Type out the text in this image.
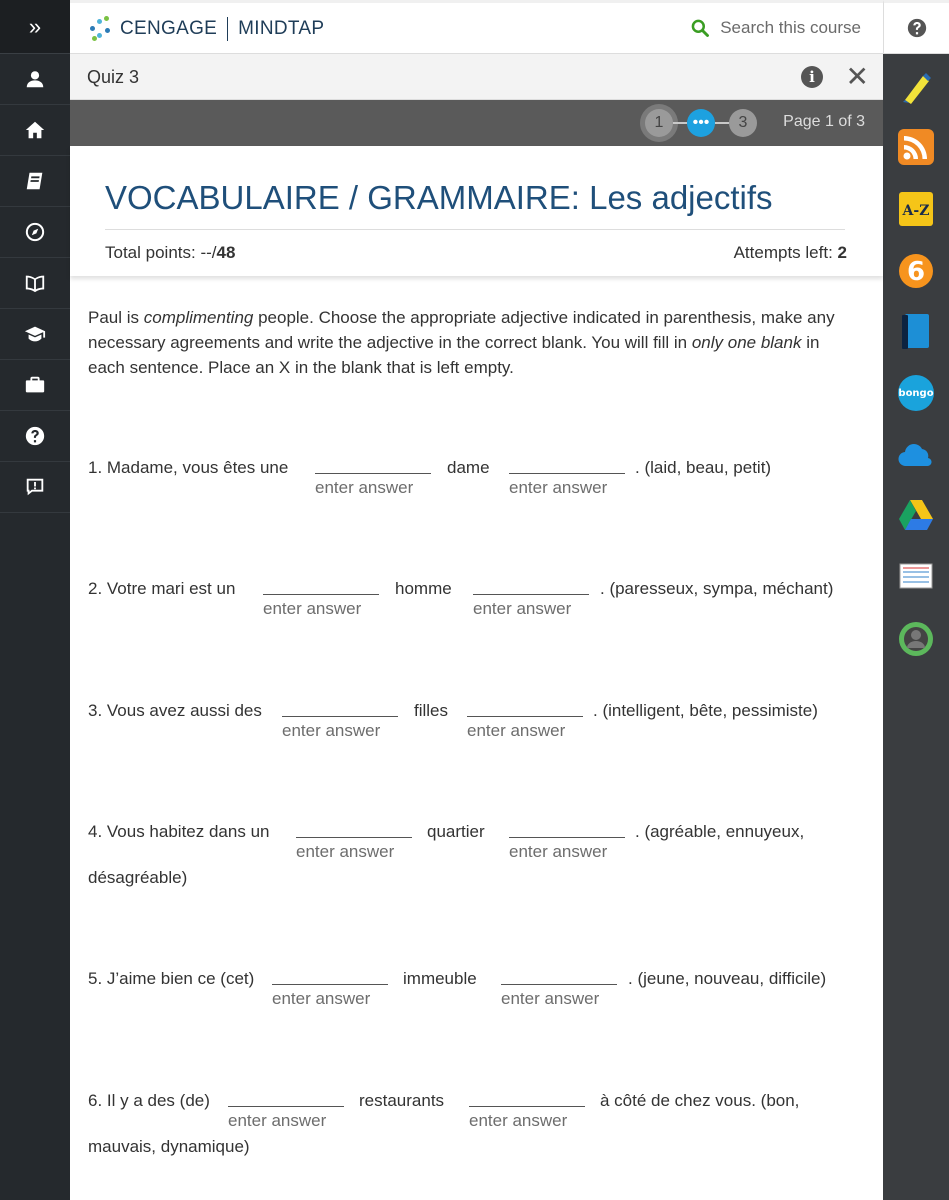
»	CENGAGE MINDTAP	Search this course
A-Z
6
bongo
Quiz 3	i ✕
1	•••	3	Page 1 of 3
VOCABULAIRE / GRAMMAIRE: Les adjectifs
Total points: --/48	Attempts left: 2

Paul is complimenting people. Choose the appropriate adjective indicated in parenthesis, make any necessary agreements and write the adjective in the correct blank. You will fill in only one blank in each sentence. Place an X in the blank that is left empty.

1. Madame, vous êtes une
enter answer
dame
enter answer
. (laid, beau, petit)
2. Votre mari est un
enter answer
homme
enter answer
. (paresseux, sympa, méchant)
3. Vous avez aussi des
enter answer
filles
enter answer
. (intelligent, bête, pessimiste)
4. Vous habitez dans un
enter answer
quartier
enter answer
. (agréable, ennuyeux,
désagréable)
5. J’aime bien ce (cet)
enter answer
immeuble
enter answer
. (jeune, nouveau, difficile)
6. Il y a des (de)
enter answer
restaurants
enter answer
à côté de chez vous. (bon,
mauvais, dynamique)
